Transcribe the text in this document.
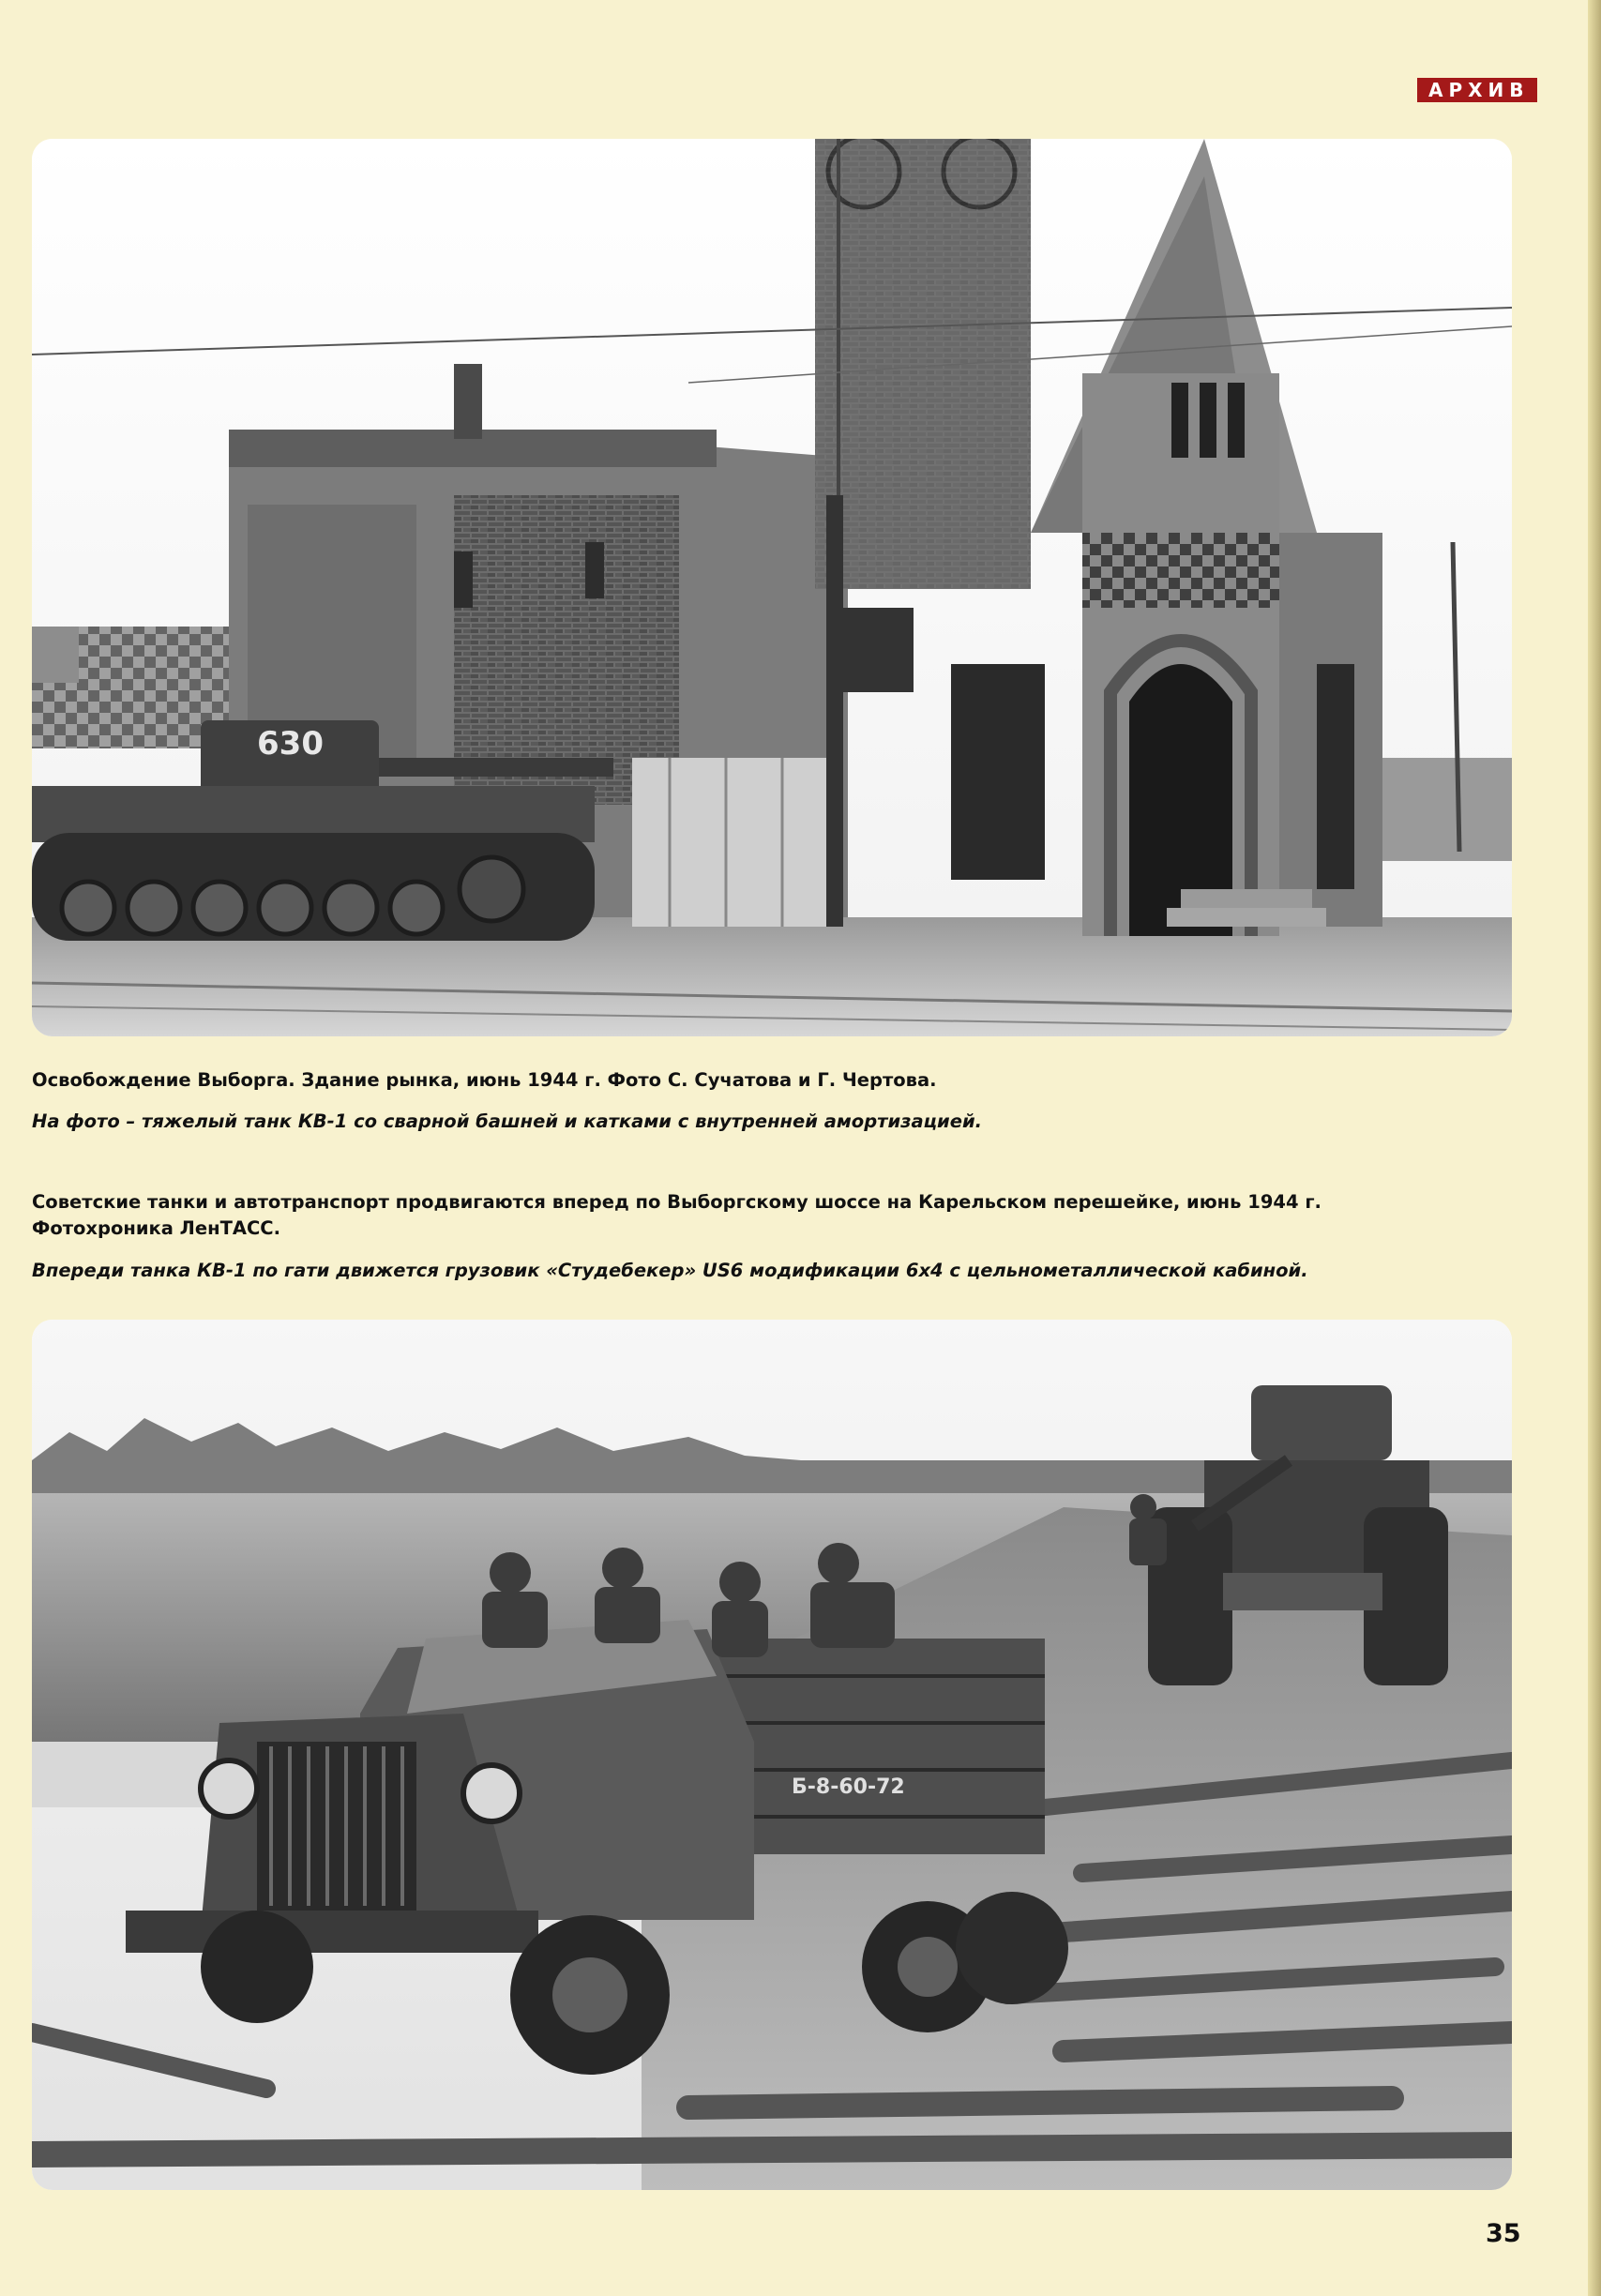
АРХИВ
630

Освобождение Выборга. Здание рынка, июнь 1944 г. Фото С. Сучатова и Г. Чертова.

На фото – тяжелый танк КВ-1 со сварной башней и катками с внутренней амортизацией.

Советские танки и автотранспорт продвигаются вперед по Выборгскому шоссе на Карельском перешейке, июнь 1944 г.

Фотохроника ЛенТАСС.

Впереди танка КВ-1 по гати движется грузовик «Студебекер» US6 модификации 6х4 с цельнометаллической кабиной.

Б-8-60-72
35
